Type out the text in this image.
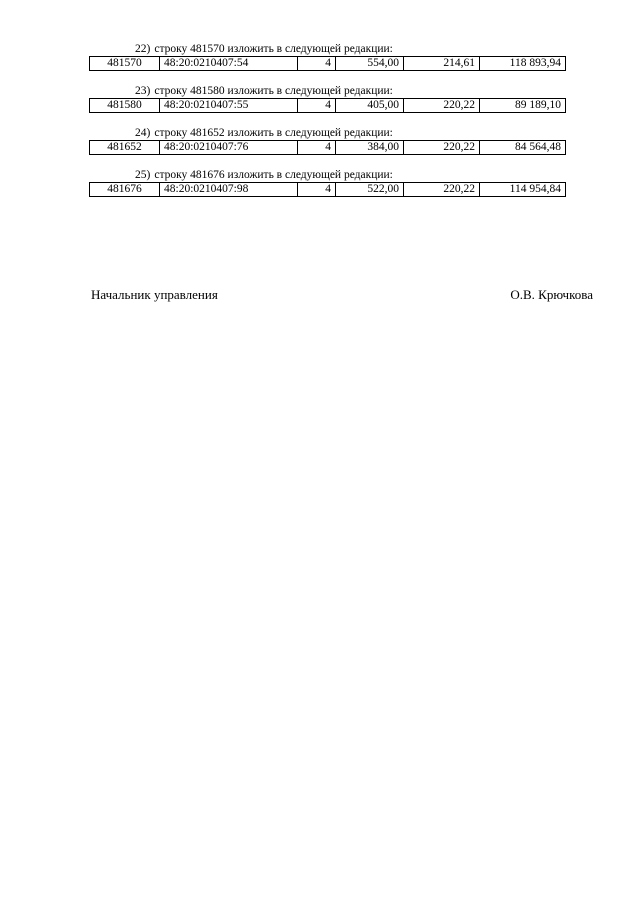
22) строку 481570 изложить в следующей редакции:
481570	48:20:0210407:54	4	554,00	214,61	118 893,94
23) строку 481580 изложить в следующей редакции:
481580	48:20:0210407:55	4	405,00	220,22	89 189,10
24) строку 481652 изложить в следующей редакции:
481652	48:20:0210407:76	4	384,00	220,22	84 564,48
25) строку 481676 изложить в следующей редакции:
481676	48:20:0210407:98	4	522,00	220,22	114 954,84
Начальник управления	О.В. Крючкова
